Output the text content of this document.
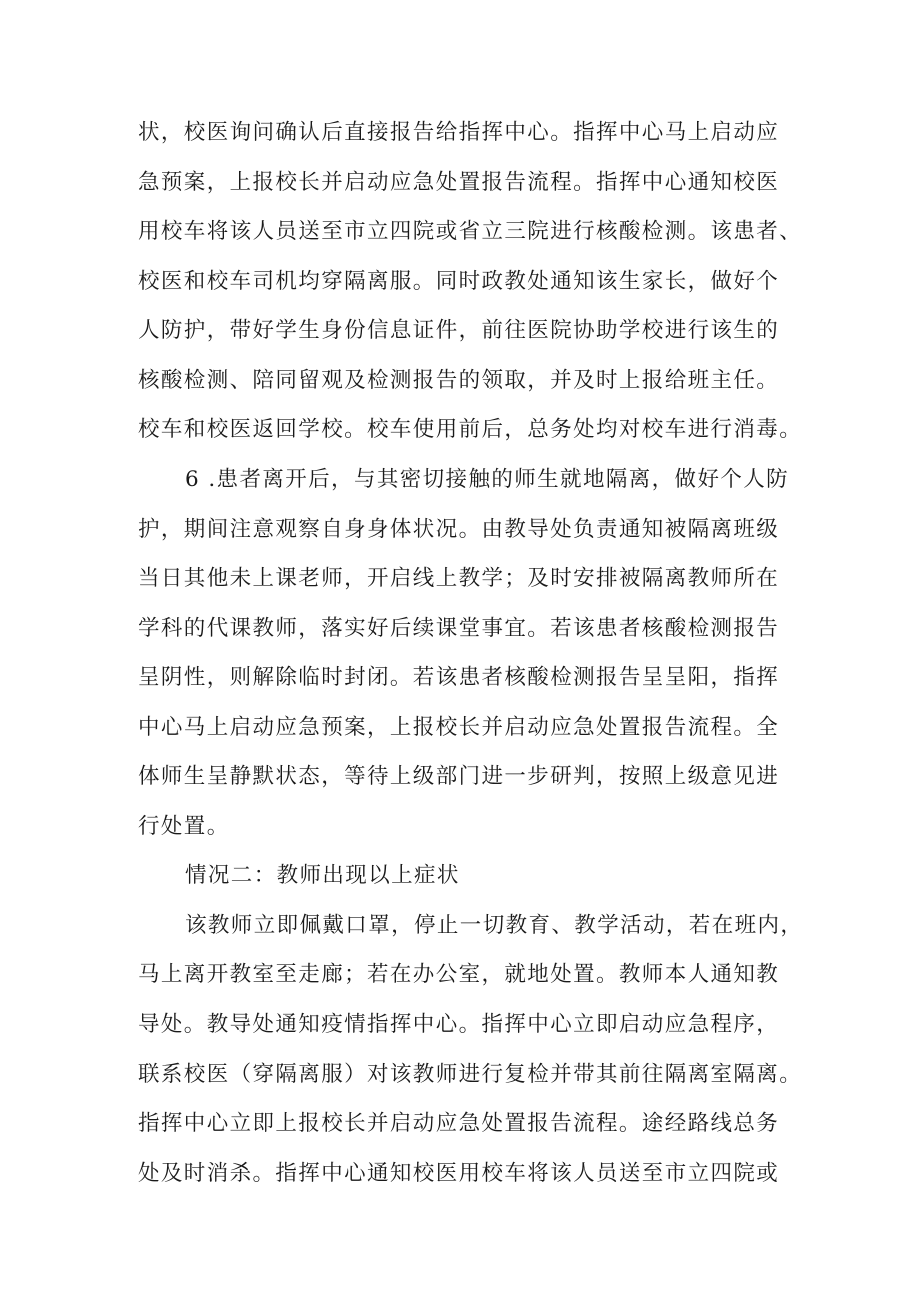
状，校医询问确认后直接报告给指挥中心。指挥中心马上启动应
急预案，上报校长并启动应急处置报告流程。指挥中心通知校医
用校车将该人员送至市立四院或省立三院进行核酸检测。该患者、
校医和校车司机均穿隔离服。同时政教处通知该生家长，做好个
人防护，带好学生身份信息证件，前往医院协助学校进行该生的
核酸检测、陪同留观及检测报告的领取，并及时上报给班主任。
校车和校医返回学校。校车使用前后，总务处均对校车进行消毒。
6 .患者离开后，与其密切接触的师生就地隔离，做好个人防
护，期间注意观察自身身体状况。由教导处负责通知被隔离班级
当日其他未上课老师，开启线上教学；及时安排被隔离教师所在
学科的代课教师，落实好后续课堂事宜。若该患者核酸检测报告
呈阴性，则解除临时封闭。若该患者核酸检测报告呈呈阳，指挥
中心马上启动应急预案，上报校长并启动应急处置报告流程。全
体师生呈静默状态，等待上级部门进一步研判，按照上级意见进
行处置。
情况二：教师出现以上症状
该教师立即佩戴口罩，停止一切教育、教学活动，若在班内，
马上离开教室至走廊；若在办公室，就地处置。教师本人通知教
导处。教导处通知疫情指挥中心。指挥中心立即启动应急程序，
联系校医（穿隔离服）对该教师进行复检并带其前往隔离室隔离。
指挥中心立即上报校长并启动应急处置报告流程。途经路线总务
处及时消杀。指挥中心通知校医用校车将该人员送至市立四院或
